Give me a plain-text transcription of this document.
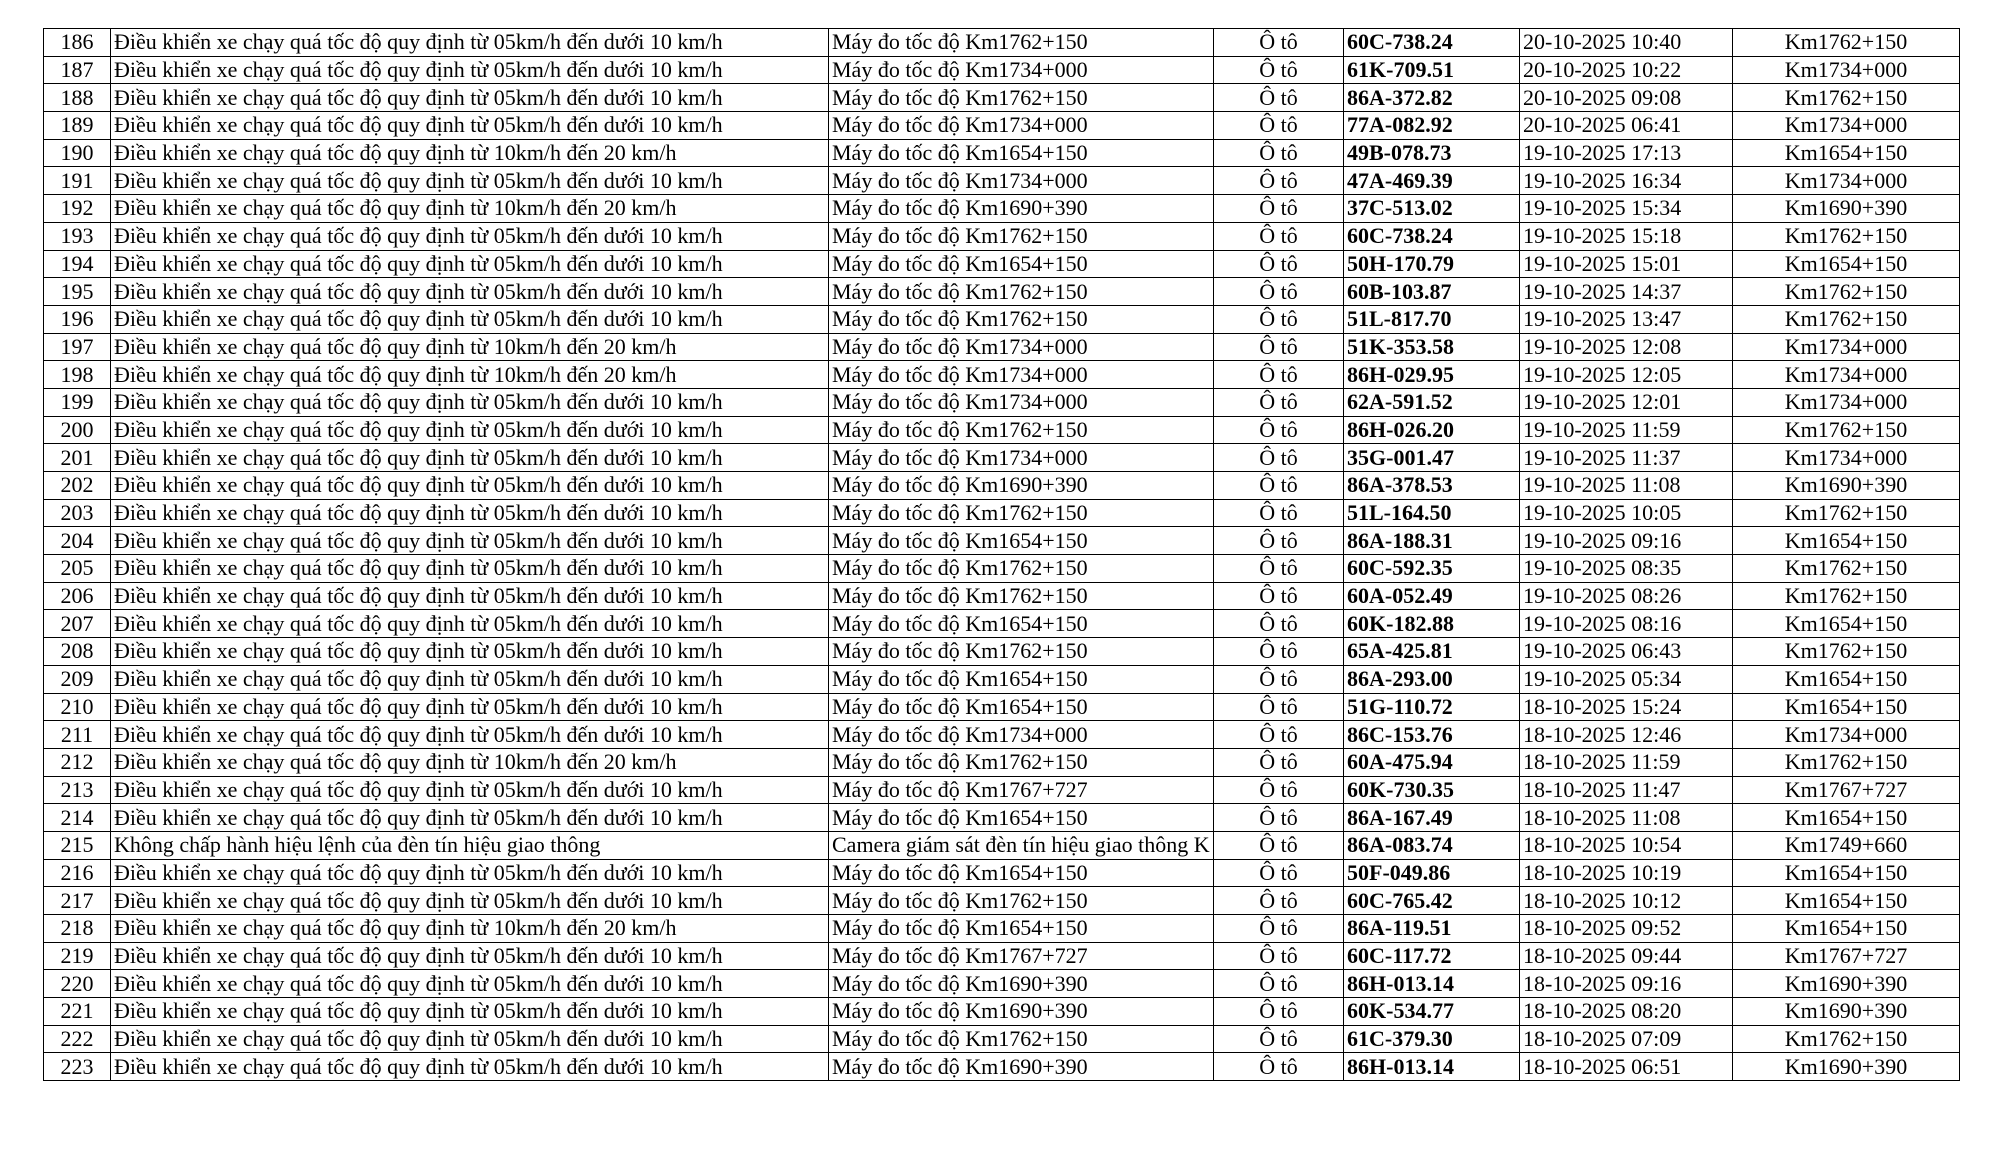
186	Điều khiển xe chạy quá tốc độ quy định từ 05km/h đến dưới 10 km/h	Máy đo tốc độ Km1762+150	Ô tô	60C-738.24	20-10-2025 10:40	Km1762+150
187	Điều khiển xe chạy quá tốc độ quy định từ 05km/h đến dưới 10 km/h	Máy đo tốc độ Km1734+000	Ô tô	61K-709.51	20-10-2025 10:22	Km1734+000
188	Điều khiển xe chạy quá tốc độ quy định từ 05km/h đến dưới 10 km/h	Máy đo tốc độ Km1762+150	Ô tô	86A-372.82	20-10-2025 09:08	Km1762+150
189	Điều khiển xe chạy quá tốc độ quy định từ 05km/h đến dưới 10 km/h	Máy đo tốc độ Km1734+000	Ô tô	77A-082.92	20-10-2025 06:41	Km1734+000
190	Điều khiển xe chạy quá tốc độ quy định từ 10km/h đến 20 km/h	Máy đo tốc độ Km1654+150	Ô tô	49B-078.73	19-10-2025 17:13	Km1654+150
191	Điều khiển xe chạy quá tốc độ quy định từ 05km/h đến dưới 10 km/h	Máy đo tốc độ Km1734+000	Ô tô	47A-469.39	19-10-2025 16:34	Km1734+000
192	Điều khiển xe chạy quá tốc độ quy định từ 10km/h đến 20 km/h	Máy đo tốc độ Km1690+390	Ô tô	37C-513.02	19-10-2025 15:34	Km1690+390
193	Điều khiển xe chạy quá tốc độ quy định từ 05km/h đến dưới 10 km/h	Máy đo tốc độ Km1762+150	Ô tô	60C-738.24	19-10-2025 15:18	Km1762+150
194	Điều khiển xe chạy quá tốc độ quy định từ 05km/h đến dưới 10 km/h	Máy đo tốc độ Km1654+150	Ô tô	50H-170.79	19-10-2025 15:01	Km1654+150
195	Điều khiển xe chạy quá tốc độ quy định từ 05km/h đến dưới 10 km/h	Máy đo tốc độ Km1762+150	Ô tô	60B-103.87	19-10-2025 14:37	Km1762+150
196	Điều khiển xe chạy quá tốc độ quy định từ 05km/h đến dưới 10 km/h	Máy đo tốc độ Km1762+150	Ô tô	51L-817.70	19-10-2025 13:47	Km1762+150
197	Điều khiển xe chạy quá tốc độ quy định từ 10km/h đến 20 km/h	Máy đo tốc độ Km1734+000	Ô tô	51K-353.58	19-10-2025 12:08	Km1734+000
198	Điều khiển xe chạy quá tốc độ quy định từ 10km/h đến 20 km/h	Máy đo tốc độ Km1734+000	Ô tô	86H-029.95	19-10-2025 12:05	Km1734+000
199	Điều khiển xe chạy quá tốc độ quy định từ 05km/h đến dưới 10 km/h	Máy đo tốc độ Km1734+000	Ô tô	62A-591.52	19-10-2025 12:01	Km1734+000
200	Điều khiển xe chạy quá tốc độ quy định từ 05km/h đến dưới 10 km/h	Máy đo tốc độ Km1762+150	Ô tô	86H-026.20	19-10-2025 11:59	Km1762+150
201	Điều khiển xe chạy quá tốc độ quy định từ 05km/h đến dưới 10 km/h	Máy đo tốc độ Km1734+000	Ô tô	35G-001.47	19-10-2025 11:37	Km1734+000
202	Điều khiển xe chạy quá tốc độ quy định từ 05km/h đến dưới 10 km/h	Máy đo tốc độ Km1690+390	Ô tô	86A-378.53	19-10-2025 11:08	Km1690+390
203	Điều khiển xe chạy quá tốc độ quy định từ 05km/h đến dưới 10 km/h	Máy đo tốc độ Km1762+150	Ô tô	51L-164.50	19-10-2025 10:05	Km1762+150
204	Điều khiển xe chạy quá tốc độ quy định từ 05km/h đến dưới 10 km/h	Máy đo tốc độ Km1654+150	Ô tô	86A-188.31	19-10-2025 09:16	Km1654+150
205	Điều khiển xe chạy quá tốc độ quy định từ 05km/h đến dưới 10 km/h	Máy đo tốc độ Km1762+150	Ô tô	60C-592.35	19-10-2025 08:35	Km1762+150
206	Điều khiển xe chạy quá tốc độ quy định từ 05km/h đến dưới 10 km/h	Máy đo tốc độ Km1762+150	Ô tô	60A-052.49	19-10-2025 08:26	Km1762+150
207	Điều khiển xe chạy quá tốc độ quy định từ 05km/h đến dưới 10 km/h	Máy đo tốc độ Km1654+150	Ô tô	60K-182.88	19-10-2025 08:16	Km1654+150
208	Điều khiển xe chạy quá tốc độ quy định từ 05km/h đến dưới 10 km/h	Máy đo tốc độ Km1762+150	Ô tô	65A-425.81	19-10-2025 06:43	Km1762+150
209	Điều khiển xe chạy quá tốc độ quy định từ 05km/h đến dưới 10 km/h	Máy đo tốc độ Km1654+150	Ô tô	86A-293.00	19-10-2025 05:34	Km1654+150
210	Điều khiển xe chạy quá tốc độ quy định từ 05km/h đến dưới 10 km/h	Máy đo tốc độ Km1654+150	Ô tô	51G-110.72	18-10-2025 15:24	Km1654+150
211	Điều khiển xe chạy quá tốc độ quy định từ 05km/h đến dưới 10 km/h	Máy đo tốc độ Km1734+000	Ô tô	86C-153.76	18-10-2025 12:46	Km1734+000
212	Điều khiển xe chạy quá tốc độ quy định từ 10km/h đến 20 km/h	Máy đo tốc độ Km1762+150	Ô tô	60A-475.94	18-10-2025 11:59	Km1762+150
213	Điều khiển xe chạy quá tốc độ quy định từ 05km/h đến dưới 10 km/h	Máy đo tốc độ Km1767+727	Ô tô	60K-730.35	18-10-2025 11:47	Km1767+727
214	Điều khiển xe chạy quá tốc độ quy định từ 05km/h đến dưới 10 km/h	Máy đo tốc độ Km1654+150	Ô tô	86A-167.49	18-10-2025 11:08	Km1654+150
215	Không chấp hành hiệu lệnh của đèn tín hiệu giao thông	Camera giám sát đèn tín hiệu giao thông K	Ô tô	86A-083.74	18-10-2025 10:54	Km1749+660
216	Điều khiển xe chạy quá tốc độ quy định từ 05km/h đến dưới 10 km/h	Máy đo tốc độ Km1654+150	Ô tô	50F-049.86	18-10-2025 10:19	Km1654+150
217	Điều khiển xe chạy quá tốc độ quy định từ 05km/h đến dưới 10 km/h	Máy đo tốc độ Km1762+150	Ô tô	60C-765.42	18-10-2025 10:12	Km1654+150
218	Điều khiển xe chạy quá tốc độ quy định từ 10km/h đến 20 km/h	Máy đo tốc độ Km1654+150	Ô tô	86A-119.51	18-10-2025 09:52	Km1654+150
219	Điều khiển xe chạy quá tốc độ quy định từ 05km/h đến dưới 10 km/h	Máy đo tốc độ Km1767+727	Ô tô	60C-117.72	18-10-2025 09:44	Km1767+727
220	Điều khiển xe chạy quá tốc độ quy định từ 05km/h đến dưới 10 km/h	Máy đo tốc độ Km1690+390	Ô tô	86H-013.14	18-10-2025 09:16	Km1690+390
221	Điều khiển xe chạy quá tốc độ quy định từ 05km/h đến dưới 10 km/h	Máy đo tốc độ Km1690+390	Ô tô	60K-534.77	18-10-2025 08:20	Km1690+390
222	Điều khiển xe chạy quá tốc độ quy định từ 05km/h đến dưới 10 km/h	Máy đo tốc độ Km1762+150	Ô tô	61C-379.30	18-10-2025 07:09	Km1762+150
223	Điều khiển xe chạy quá tốc độ quy định từ 05km/h đến dưới 10 km/h	Máy đo tốc độ Km1690+390	Ô tô	86H-013.14	18-10-2025 06:51	Km1690+390
